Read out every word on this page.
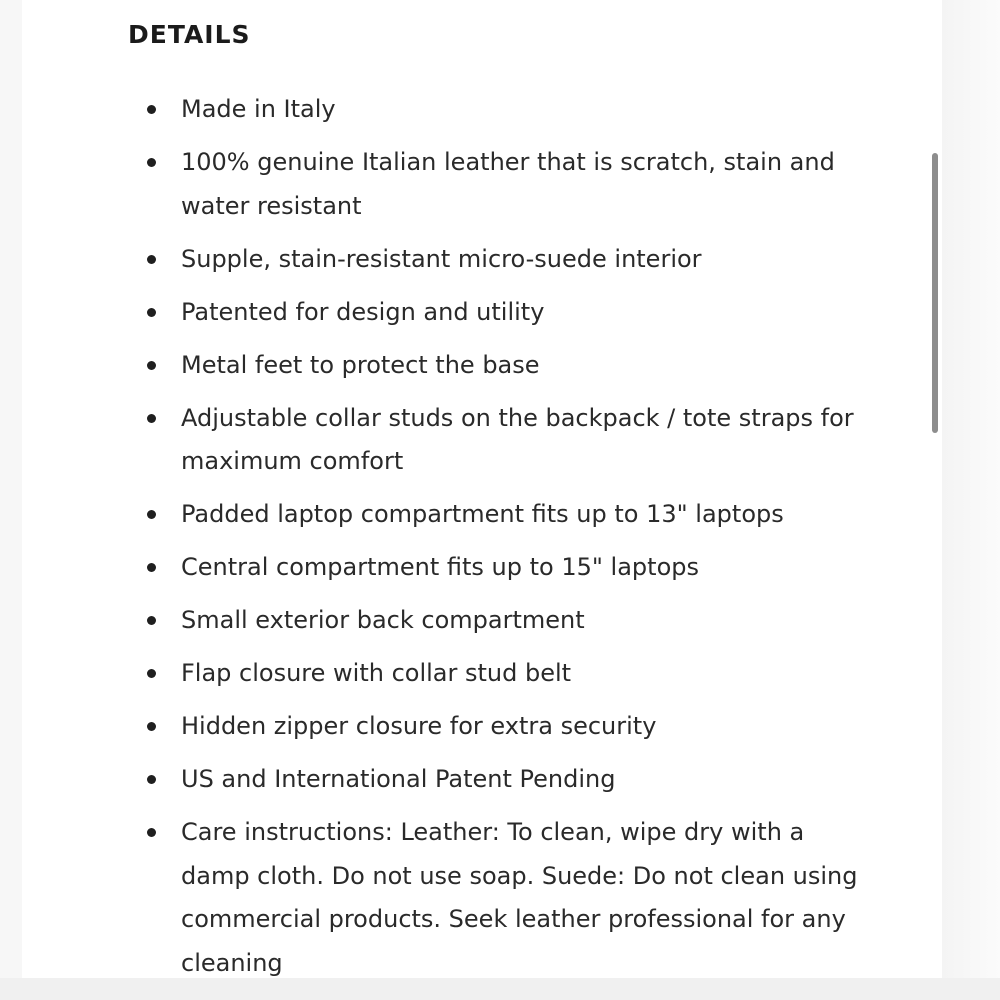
DETAILS
Made in Italy
100% genuine Italian leather that is scratch, stain and water resistant
Supple, stain-resistant micro-suede interior
Patented for design and utility
Metal feet to protect the base
Adjustable collar studs on the backpack / tote straps for maximum comfort
Padded laptop compartment fits up to 13" laptops
Central compartment fits up to 15" laptops
Small exterior back compartment
Flap closure with collar stud belt
Hidden zipper closure for extra security
US and International Patent Pending
Care instructions: Leather: To clean, wipe dry with a damp cloth. Do not use soap. Suede: Do not clean using commercial products. Seek leather professional for any cleaning
